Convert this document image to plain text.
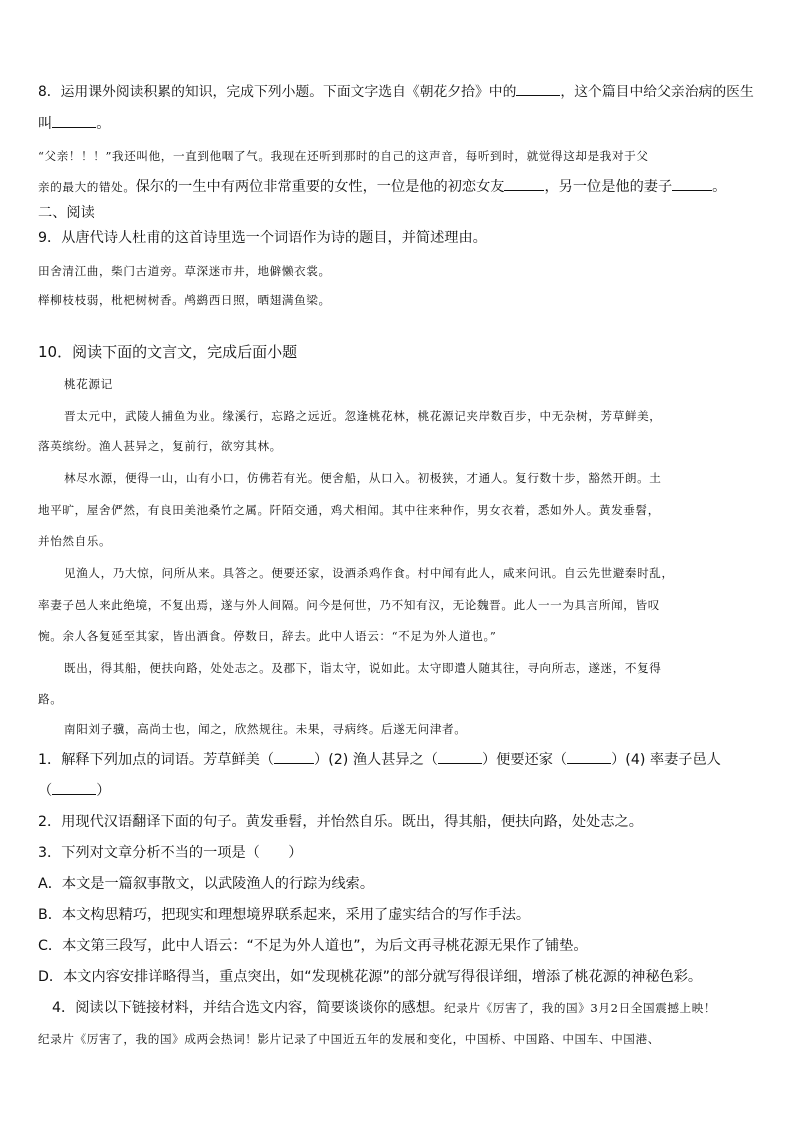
8．运用课外阅读积累的知识，完成下列小题。下面文字选自《朝花夕拾》中的	，这个篇目中给父亲治病的医生
叫	。
“父亲！！！”我还叫他，一直到他咽了气。我现在还听到那时的自己的这声音，每听到时，就觉得这却是我对于父
亲的最大的错处。保尔的一生中有两位非常重要的女性，一位是他的初恋女友	，另一位是他的妻子	。
二、阅读
9．从唐代诗人杜甫的这首诗里选一个词语作为诗的题目，并简述理由。
田舍清江曲，柴门古道旁。草深迷市井，地僻懒衣裳。
榉柳枝枝弱，枇杷树树香。鸬鹚西日照，晒翅满鱼梁。
10．阅读下面的文言文，完成后面小题
桃花源记
晋太元中，武陵人捕鱼为业。缘溪行，忘路之远近。忽逢桃花林，桃花源记夹岸数百步，中无杂树，芳草鲜美，
落英缤纷。渔人甚异之，复前行，欲穷其林。
林尽水源，便得一山，山有小口，仿佛若有光。便舍船，从口入。初极狭，才通人。复行数十步，豁然开朗。土
地平旷，屋舍俨然，有良田美池桑竹之属。阡陌交通，鸡犬相闻。其中往来种作，男女衣着，悉如外人。黄发垂髫，
并怡然自乐。
见渔人，乃大惊，问所从来。具答之。便要还家，设酒杀鸡作食。村中闻有此人，咸来问讯。自云先世避秦时乱，
率妻子邑人来此绝境，不复出焉，遂与外人间隔。问今是何世，乃不知有汉，无论魏晋。此人一一为具言所闻，皆叹
惋。余人各复延至其家，皆出酒食。停数日，辞去。此中人语云：“不足为外人道也。”
既出，得其船，便扶向路，处处志之。及郡下，诣太守，说如此。太守即遣人随其往，寻向所志，遂迷，不复得
路。
南阳刘子骥，高尚士也，闻之，欣然规往。未果，寻病终。后遂无问津者。
1．解释下列加点的词语。芳草鲜美（	）(2) 渔人甚异之（	）便要还家（	）(4) 率妻子邑人
（	）
2．用现代汉语翻译下面的句子。黄发垂髫，并怡然自乐。既出，得其船，便扶向路，处处志之。
3．下列对文章分析不当的一项是（　　）
A．本文是一篇叙事散文，以武陵渔人的行踪为线索。
B．本文构思精巧，把现实和理想境界联系起来，采用了虚实结合的写作手法。
C．本文第三段写，此中人语云：“不足为外人道也”，为后文再寻桃花源无果作了铺垫。
D．本文内容安排详略得当，重点突出，如“发现桃花源”的部分就写得很详细，增添了桃花源的神秘色彩。
4．阅读以下链接材料，并结合选文内容，简要谈谈你的感想。纪录片《厉害了，我的国》3月2日全国震撼上映！
纪录片《厉害了，我的国》成两会热词！影片记录了中国近五年的发展和变化，中国桥、中国路、中国车、中国港、
